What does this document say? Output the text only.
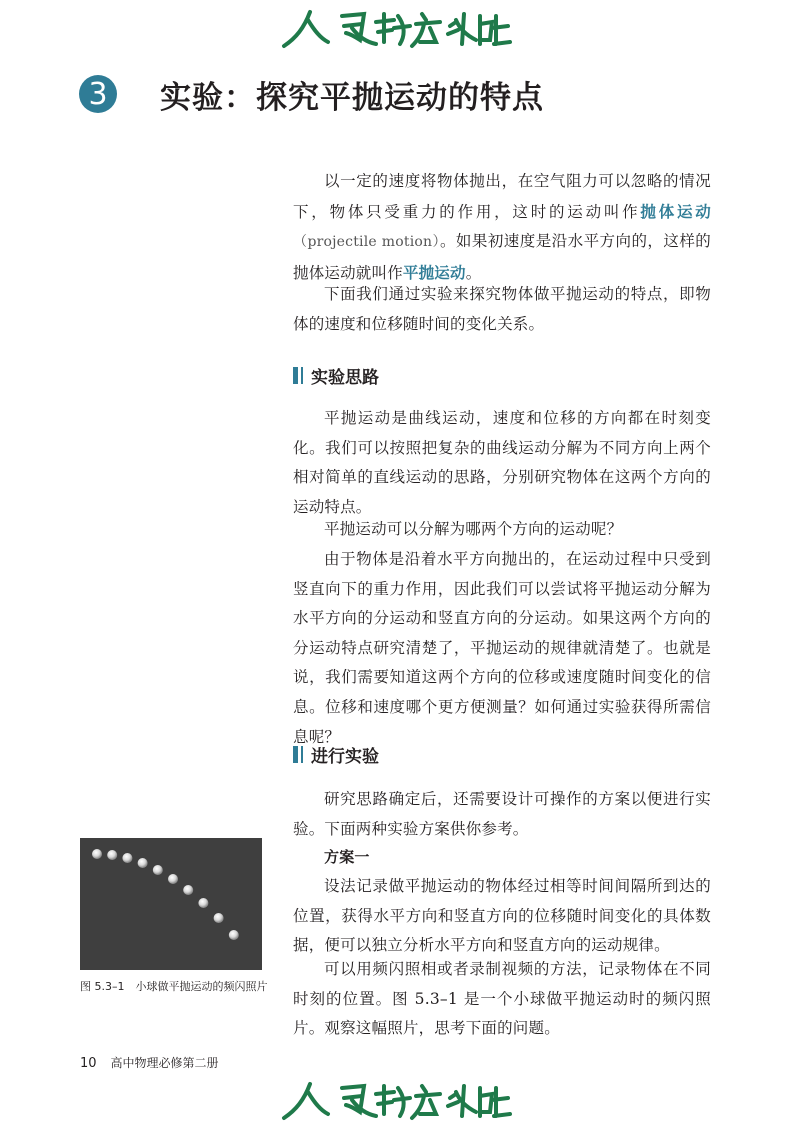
3	实验：探究平抛运动的特点

以一定的速度将物体抛出，在空气阻力可以忽略的情况下，物体只受重力的作用，这时的运动叫作抛体运动（projectile motion）。如果初速度是沿水平方向的，这样的抛体运动就叫作平抛运动。

下面我们通过实验来探究物体做平抛运动的特点，即物体的速度和位移随时间的变化关系。

实验思路

平抛运动是曲线运动，速度和位移的方向都在时刻变化。我们可以按照把复杂的曲线运动分解为不同方向上两个相对简单的直线运动的思路，分别研究物体在这两个方向的运动特点。

平抛运动可以分解为哪两个方向的运动呢？

由于物体是沿着水平方向抛出的，在运动过程中只受到竖直向下的重力作用，因此我们可以尝试将平抛运动分解为水平方向的分运动和竖直方向的分运动。如果这两个方向的分运动特点研究清楚了，平抛运动的规律就清楚了。也就是说，我们需要知道这两个方向的位移或速度随时间变化的信息。位移和速度哪个更方便测量？如何通过实验获得所需信息呢？

进行实验

研究思路确定后，还需要设计可操作的方案以便进行实验。下面两种实验方案供你参考。

方案一

设法记录做平抛运动的物体经过相等时间间隔所到达的位置，获得水平方向和竖直方向的位移随时间变化的具体数据，便可以独立分析水平方向和竖直方向的运动规律。

可以用频闪照相或者录制视频的方法，记录物体在不同时刻的位置。图 5.3–1 是一个小球做平抛运动时的频闪照片。观察这幅照片，思考下面的问题。

图 5.3–1　小球做平抛运动的频闪照片

10 高中物理必修第二册
